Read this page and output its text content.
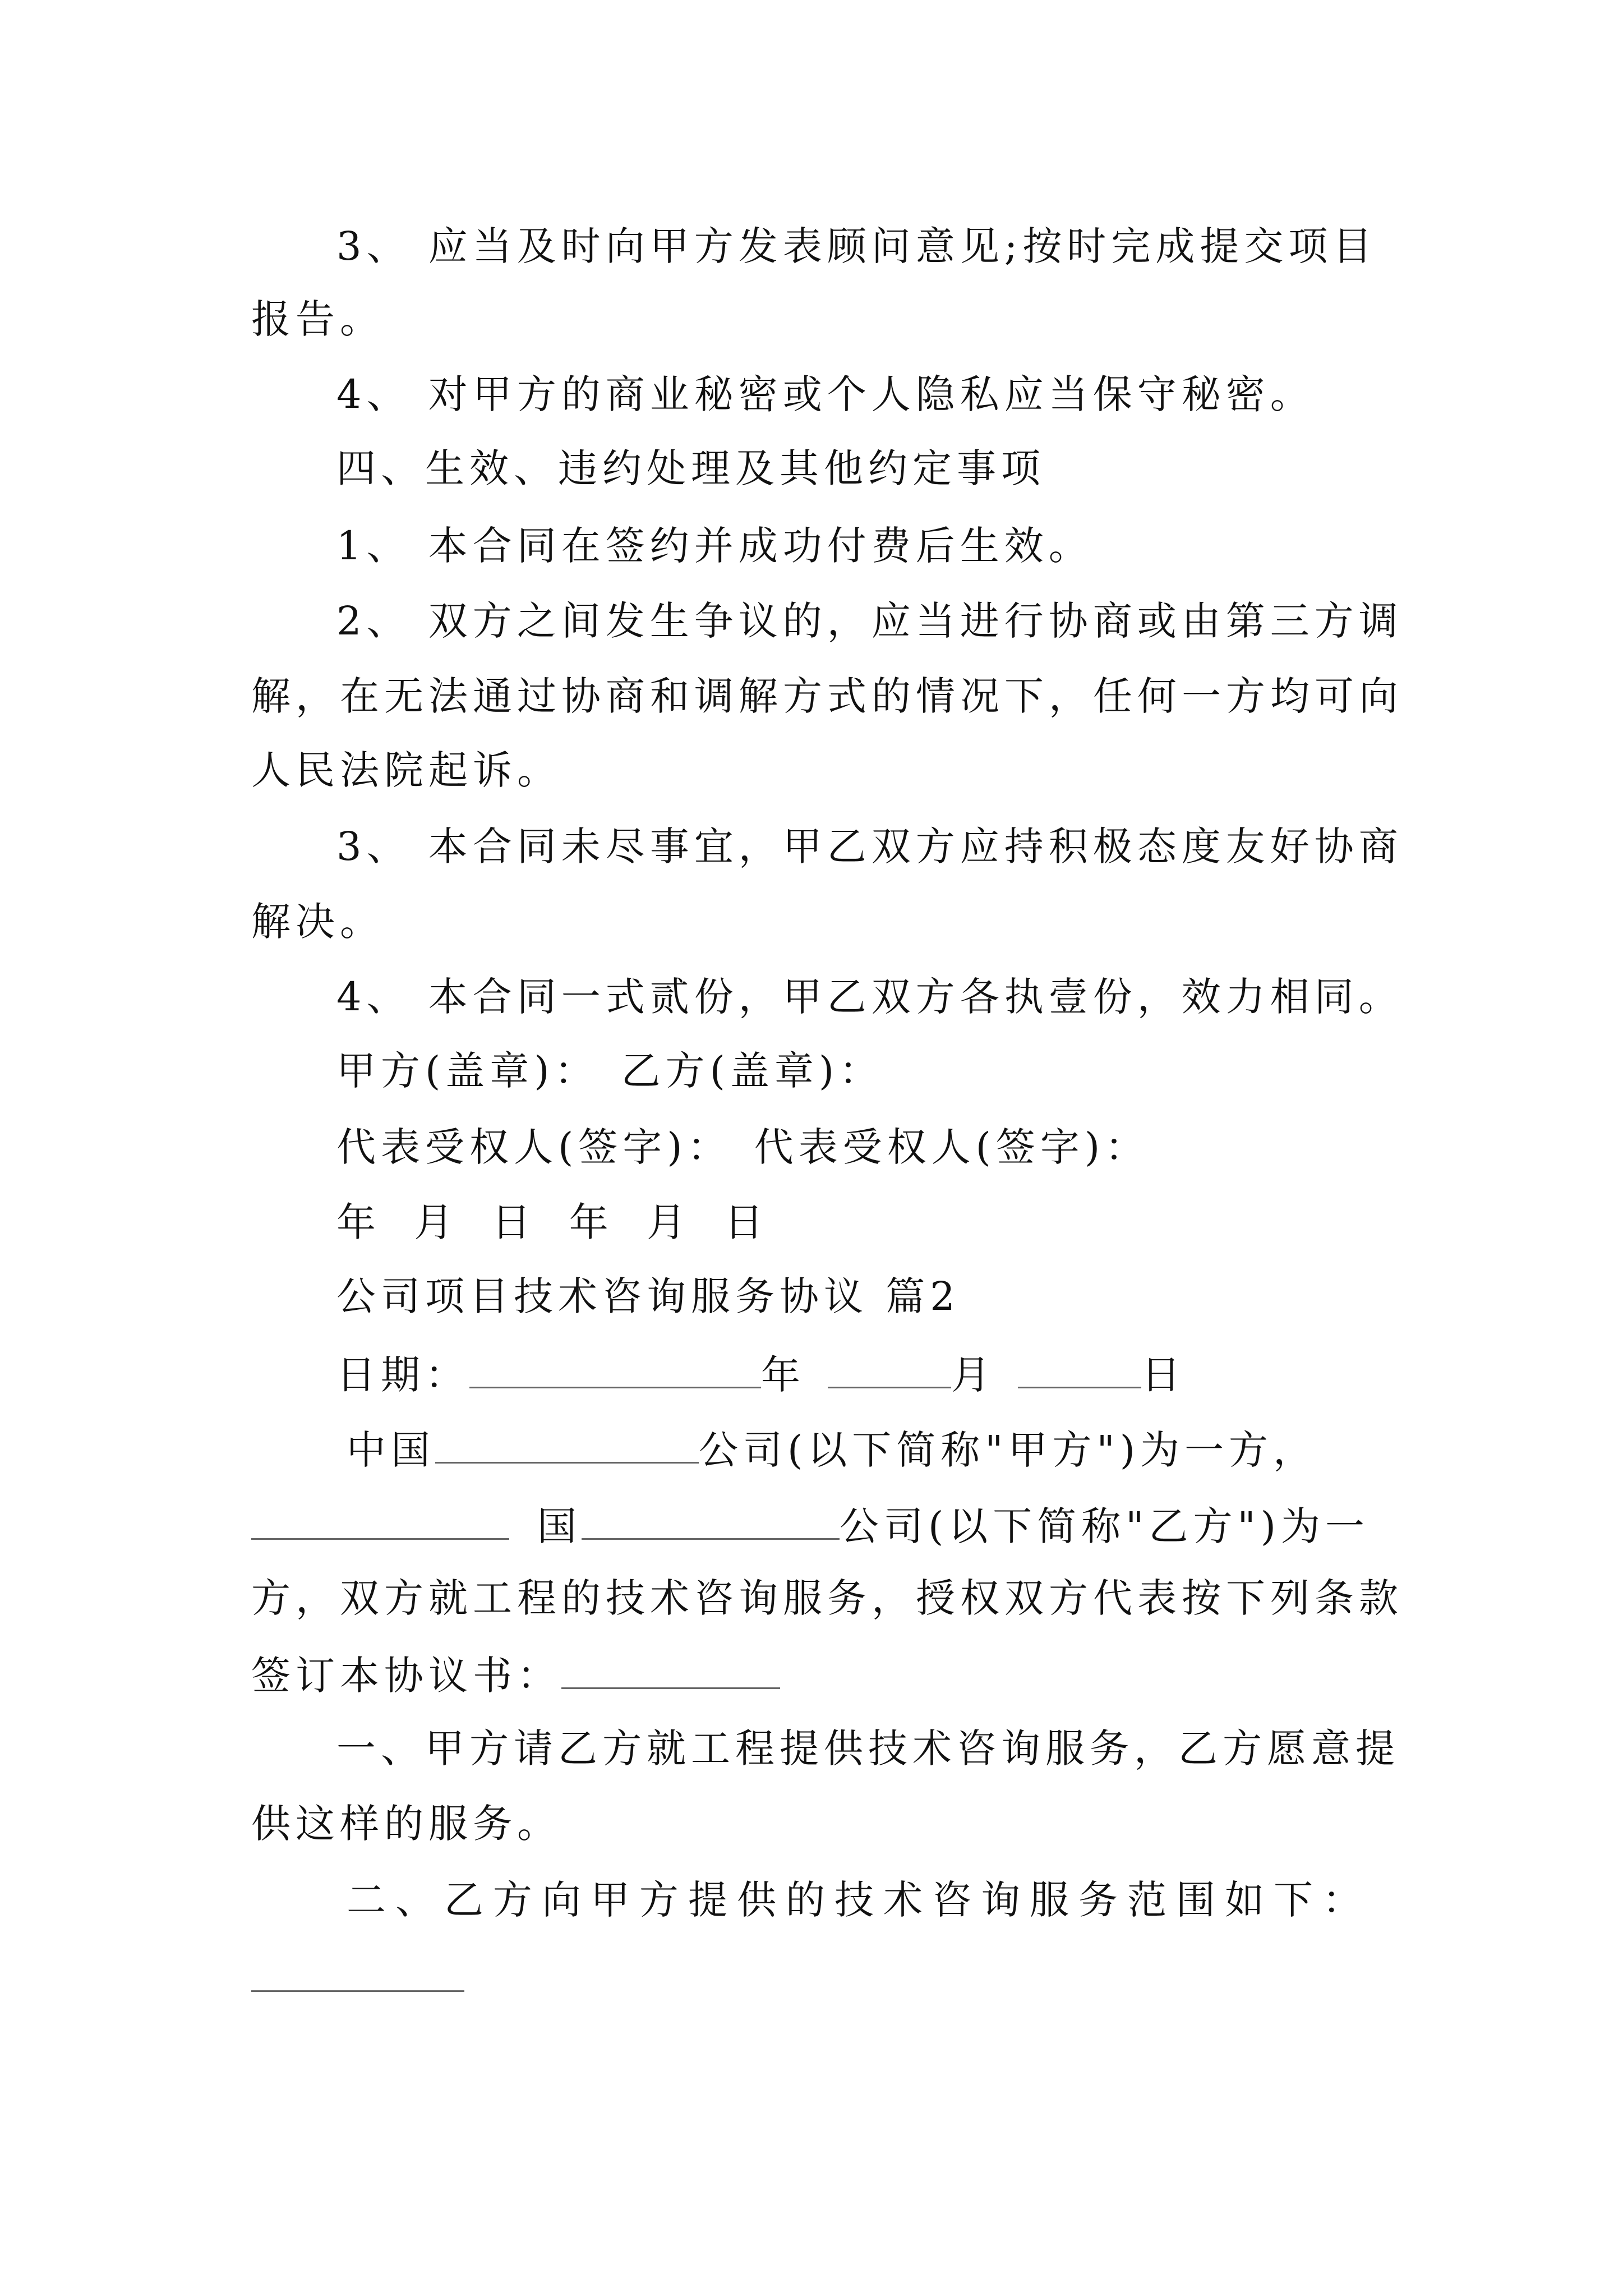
3、 应当及时向甲方发表顾问意见;按时完成提交项目
报告。
4、 对甲方的商业秘密或个人隐私应当保守秘密。
四、生效、违约处理及其他约定事项
1、 本合同在签约并成功付费后生效。
2、 双方之间发生争议的，应当进行协商或由第三方调
解，在无法通过协商和调解方式的情况下，任何一方均可向
人民法院起诉。
3、 本合同未尽事宜，甲乙双方应持积极态度友好协商
解决。
4、 本合同一式贰份，甲乙双方各执壹份，效力相同。
甲方(盖章)： 乙方(盖章)：
代表受权人(签字)： 代表受权人(签字)：
年 月 日 年 月 日
公司项目技术咨询服务协议 篇2
日期：	年	月	日
中国	公司(以下简称"甲方")为一方，
国	公司(以下简称"乙方")为一
方，双方就工程的技术咨询服务，授权双方代表按下列条款
签订本协议书：
一、甲方请乙方就工程提供技术咨询服务，乙方愿意提
供这样的服务。
二、乙方向甲方提供的技术咨询服务范围如下：
